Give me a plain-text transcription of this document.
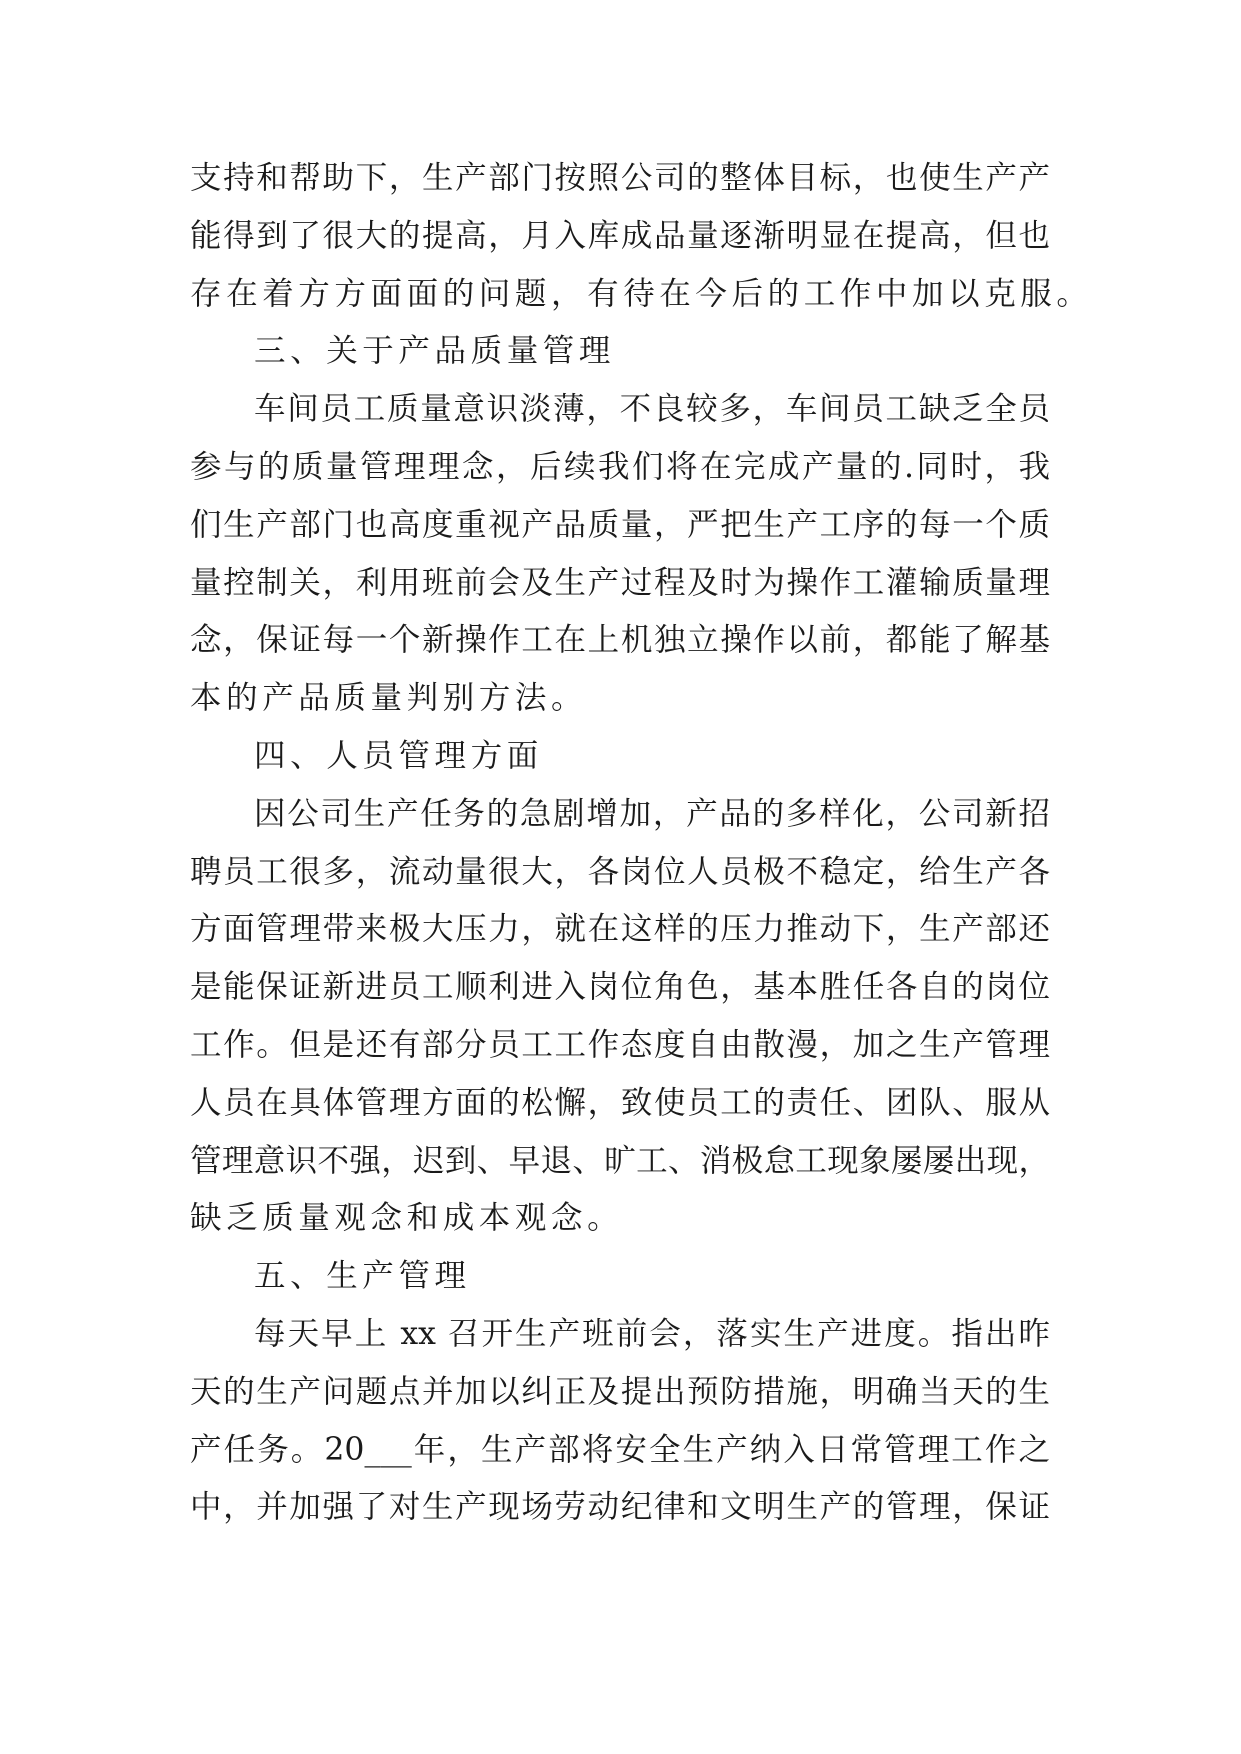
支持和帮助下，生产部门按照公司的整体目标，也使生产产
能得到了很大的提高，月入库成品量逐渐明显在提高，但也
存在着方方面面的问题，有待在今后的工作中加以克服。
三、关于产品质量管理
车间员工质量意识淡薄，不良较多，车间员工缺乏全员
参与的质量管理理念，后续我们将在完成产量的.同时，我
们生产部门也高度重视产品质量，严把生产工序的每一个质
量控制关，利用班前会及生产过程及时为操作工灌输质量理
念，保证每一个新操作工在上机独立操作以前，都能了解基
本的产品质量判别方法。
四、人员管理方面
因公司生产任务的急剧增加，产品的多样化，公司新招
聘员工很多，流动量很大，各岗位人员极不稳定，给生产各
方面管理带来极大压力，就在这样的压力推动下，生产部还
是能保证新进员工顺利进入岗位角色，基本胜任各自的岗位
工作。但是还有部分员工工作态度自由散漫，加之生产管理
人员在具体管理方面的松懈，致使员工的责任、团队、服从
管理意识不强，迟到、早退、旷工、消极怠工现象屡屡出现，
缺乏质量观念和成本观念。
五、生产管理
每天早上 xx 召开生产班前会，落实生产进度。指出昨
天的生产问题点并加以纠正及提出预防措施，明确当天的生
产任务。20___年，生产部将安全生产纳入日常管理工作之
中，并加强了对生产现场劳动纪律和文明生产的管理，保证
